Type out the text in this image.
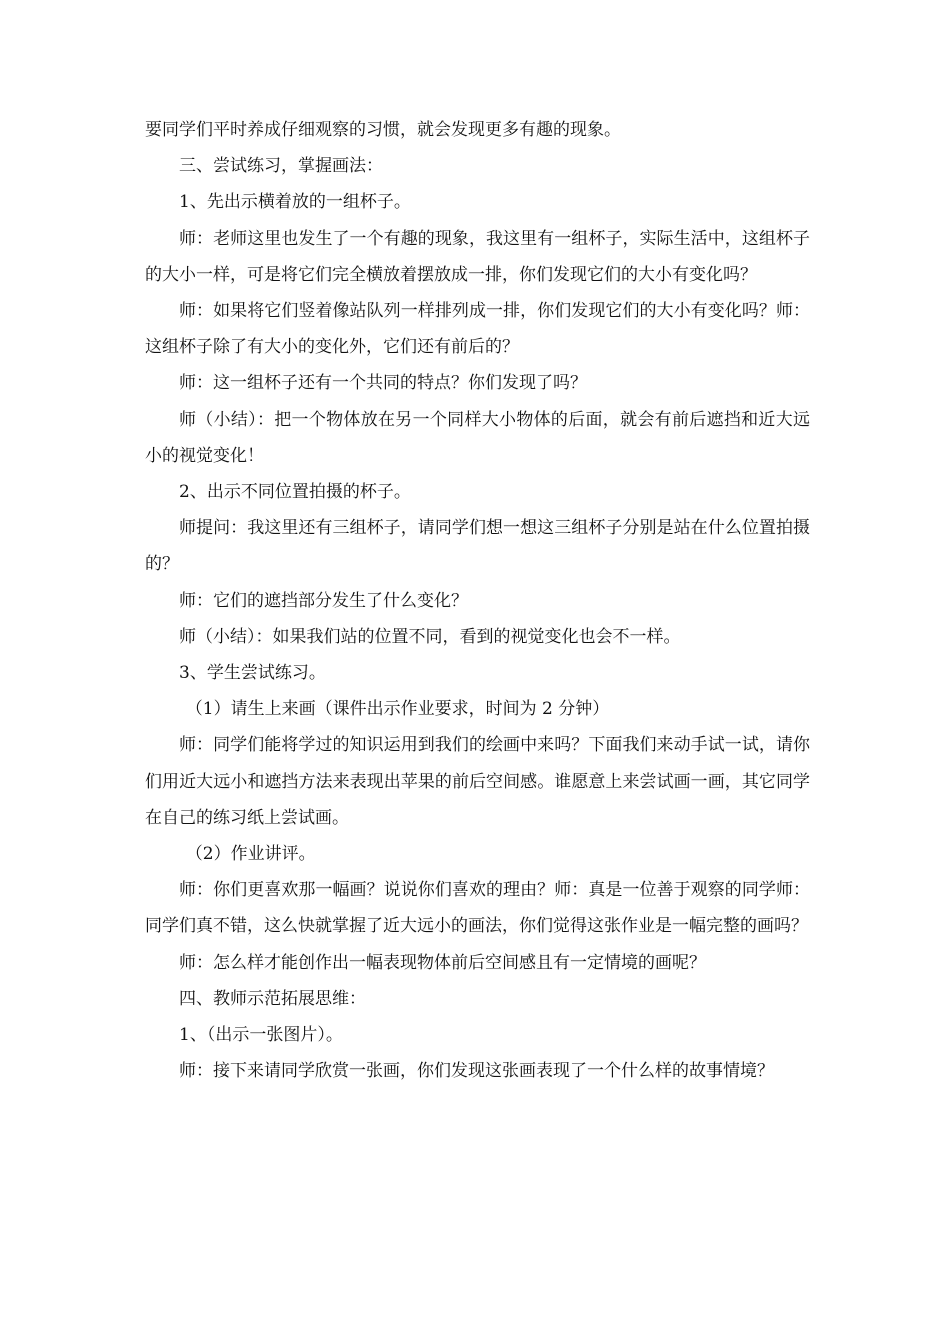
要同学们平时养成仔细观察的习惯，就会发现更多有趣的现象。

三、尝试练习，掌握画法：

1、先出示横着放的一组杯子。

师：老师这里也发生了一个有趣的现象，我这里有一组杯子，实际生活中，这组杯子的大小一样，可是将它们完全横放着摆放成一排，你们发现它们的大小有变化吗？

师：如果将它们竖着像站队列一样排列成一排，你们发现它们的大小有变化吗？师：这组杯子除了有大小的变化外，它们还有前后的？

师：这一组杯子还有一个共同的特点？你们发现了吗？

师（小结）：把一个物体放在另一个同样大小物体的后面，就会有前后遮挡和近大远小的视觉变化！

2、出示不同位置拍摄的杯子。

师提问：我这里还有三组杯子，请同学们想一想这三组杯子分别是站在什么位置拍摄的？

师：它们的遮挡部分发生了什么变化？

师（小结）：如果我们站的位置不同，看到的视觉变化也会不一样。

3、学生尝试练习。

（1）请生上来画（课件出示作业要求，时间为 2 分钟）

师：同学们能将学过的知识运用到我们的绘画中来吗？下面我们来动手试一试，请你们用近大远小和遮挡方法来表现出苹果的前后空间感。谁愿意上来尝试画一画，其它同学在自己的练习纸上尝试画。

（2）作业讲评。

师：你们更喜欢那一幅画？说说你们喜欢的理由？师：真是一位善于观察的同学师：同学们真不错，这么快就掌握了近大远小的画法，你们觉得这张作业是一幅完整的画吗？

师：怎么样才能创作出一幅表现物体前后空间感且有一定情境的画呢？

四、教师示范拓展思维：

1、（出示一张图片）。

师：接下来请同学欣赏一张画，你们发现这张画表现了一个什么样的故事情境？
